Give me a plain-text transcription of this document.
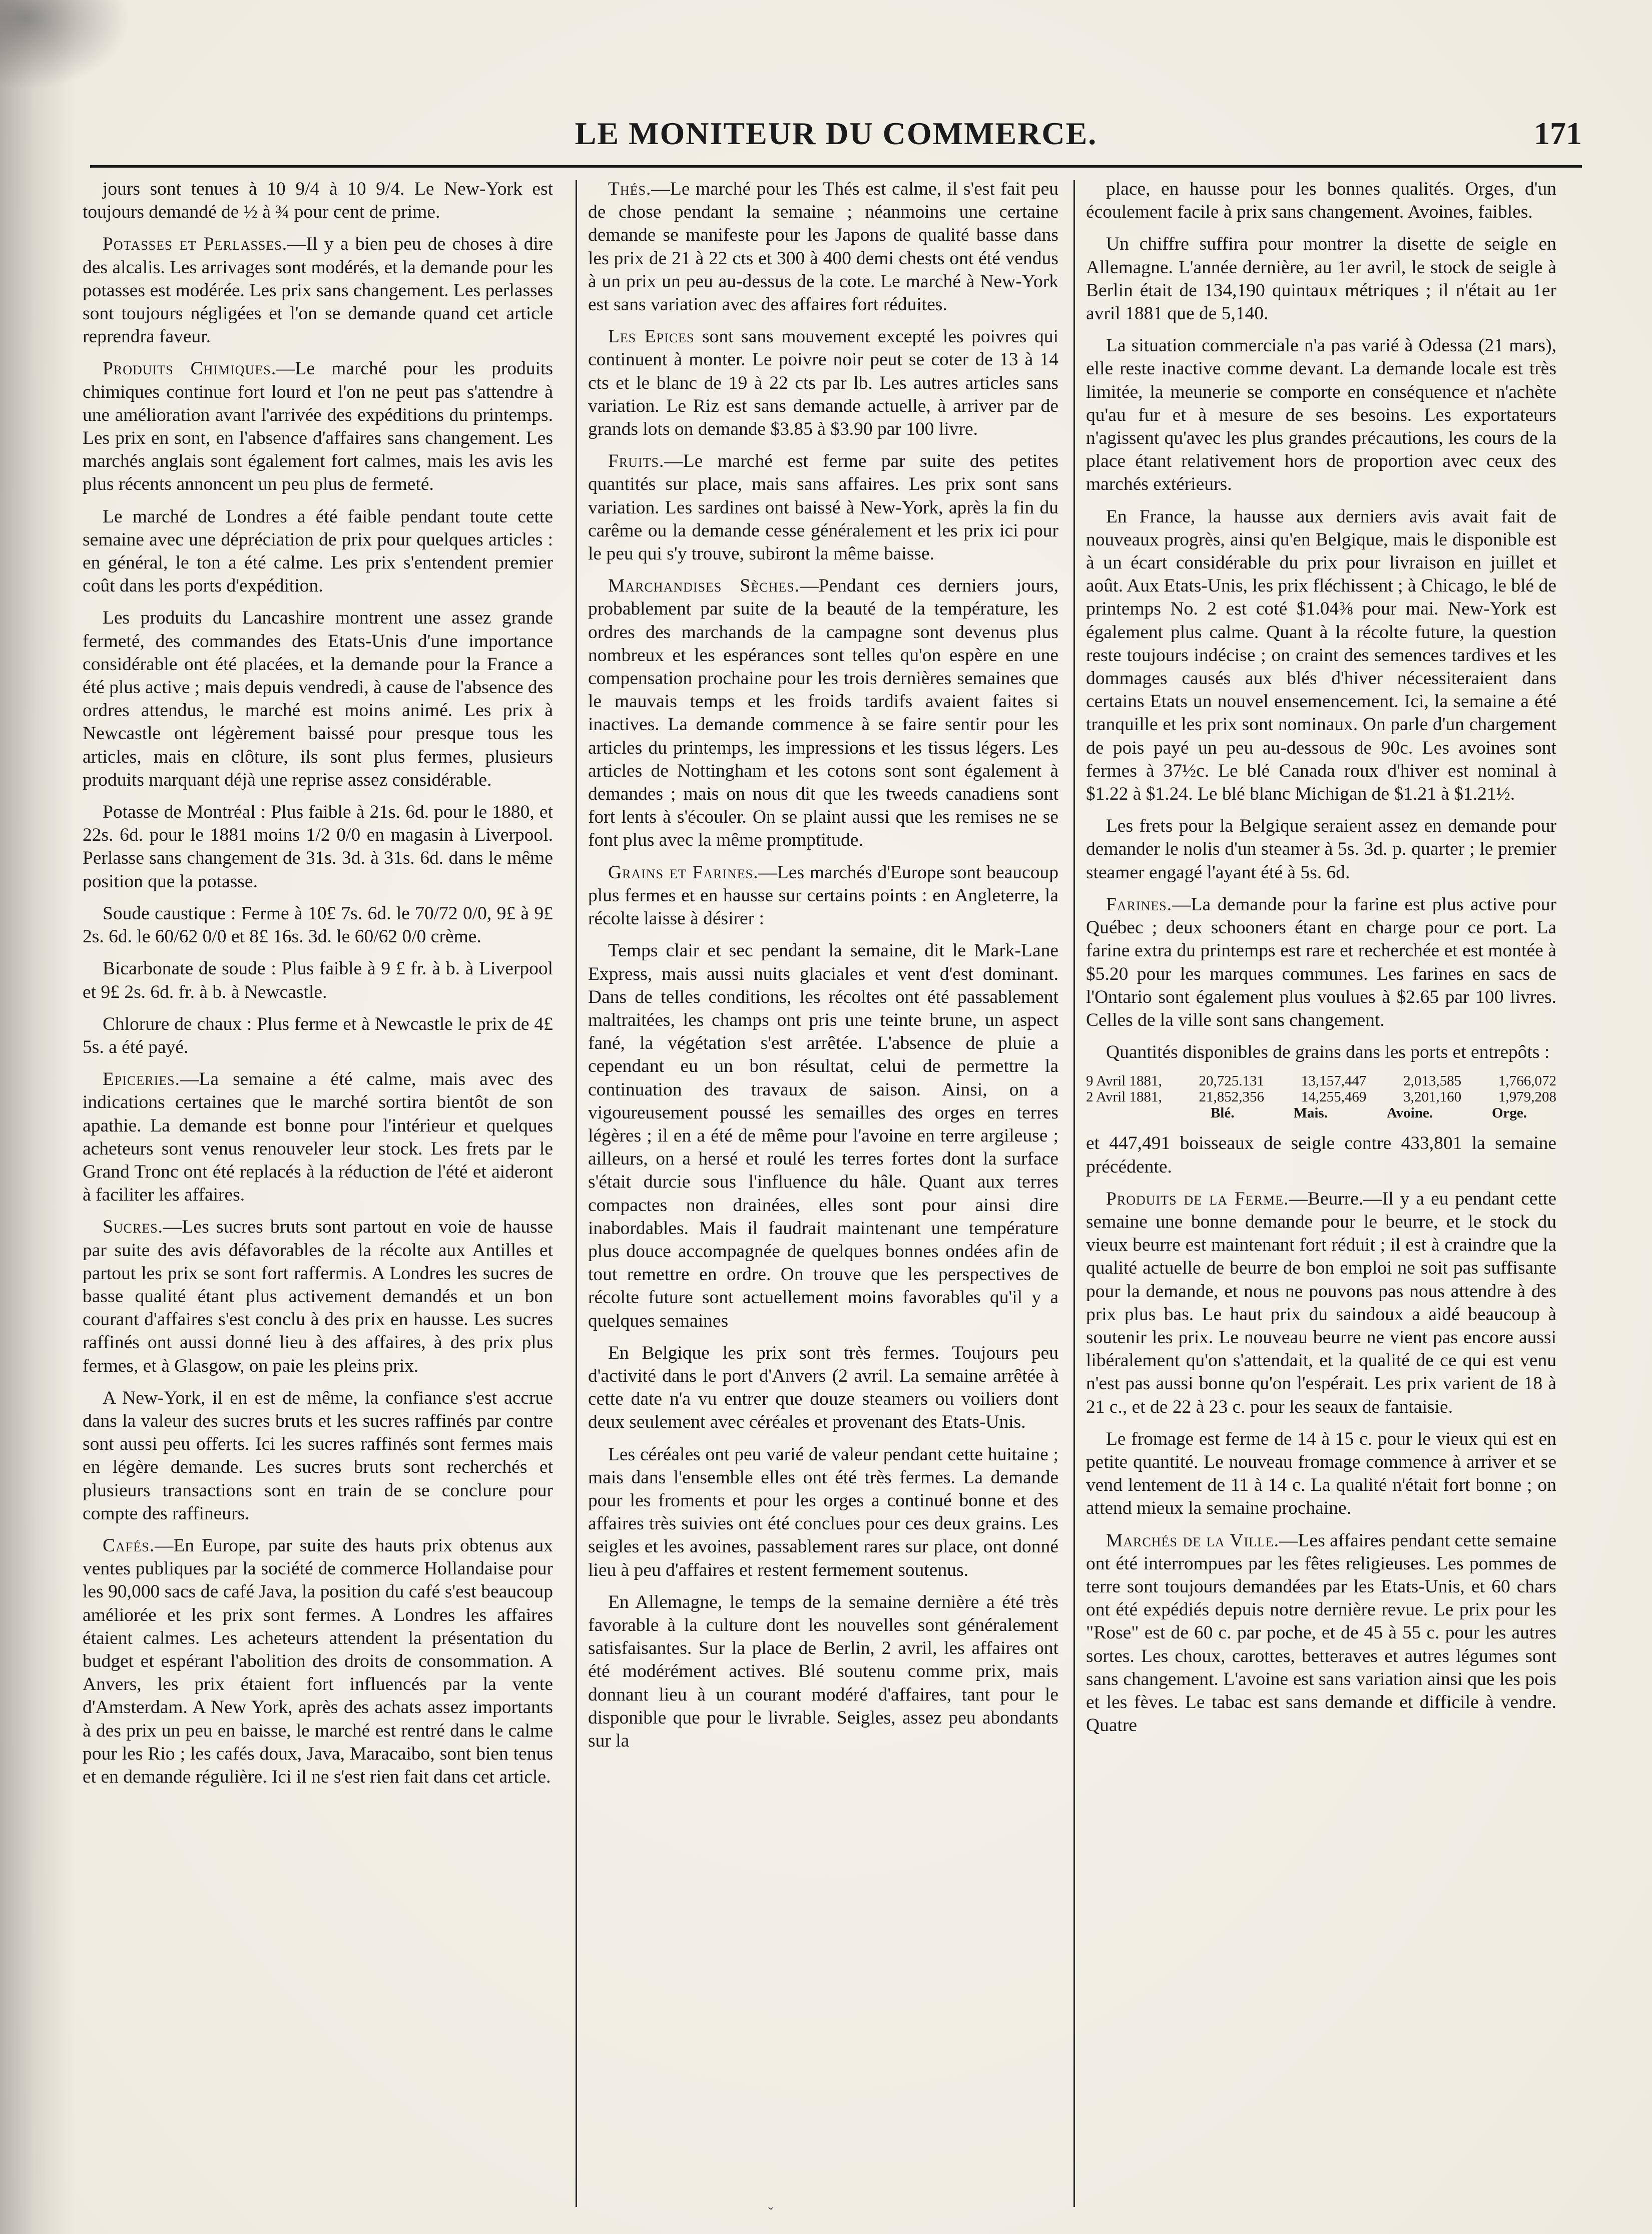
LE MONITEUR DU COMMERCE.	171

jours sont tenues à 10 9/4 à 10 9/4. Le New-York est toujours demandé de ½ à ¾ pour cent de prime.

Potasses et Perlasses.—Il y a bien peu de choses à dire des alcalis. Les arrivages sont modérés, et la demande pour les potasses est modérée. Les prix sans changement. Les perlasses sont toujours négligées et l'on se demande quand cet article reprendra faveur.

Produits Chimiques.—Le marché pour les produits chimiques continue fort lourd et l'on ne peut pas s'attendre à une amélioration avant l'arrivée des expéditions du printemps. Les prix en sont, en l'absence d'affaires sans changement. Les marchés anglais sont également fort calmes, mais les avis les plus récents annoncent un peu plus de fermeté.

Le marché de Londres a été faible pendant toute cette semaine avec une dépréciation de prix pour quelques articles : en général, le ton a été calme. Les prix s'entendent premier coût dans les ports d'expédition.

Les produits du Lancashire montrent une assez grande fermeté, des commandes des Etats-Unis d'une importance considérable ont été placées, et la demande pour la France a été plus active ; mais depuis vendredi, à cause de l'absence des ordres attendus, le marché est moins animé. Les prix à Newcastle ont légèrement baissé pour presque tous les articles, mais en clôture, ils sont plus fermes, plusieurs produits marquant déjà une reprise assez considérable.

Potasse de Montréal : Plus faible à 21s. 6d. pour le 1880, et 22s. 6d. pour le 1881 moins 1/2 0/0 en magasin à Liverpool. Perlasse sans changement de 31s. 3d. à 31s. 6d. dans le même position que la potasse.

Soude caustique : Ferme à 10£ 7s. 6d. le 70/72 0/0, 9£ à 9£ 2s. 6d. le 60/62 0/0 et 8£ 16s. 3d. le 60/62 0/0 crème.

Bicarbonate de soude : Plus faible à 9 £ fr. à b. à Liverpool et 9£ 2s. 6d. fr. à b. à Newcastle.

Chlorure de chaux : Plus ferme et à Newcastle le prix de 4£ 5s. a été payé.

Epiceries.—La semaine a été calme, mais avec des indications certaines que le marché sortira bientôt de son apathie. La demande est bonne pour l'intérieur et quelques acheteurs sont venus renouveler leur stock. Les frets par le Grand Tronc ont été replacés à la réduction de l'été et aideront à faciliter les affaires.

Sucres.—Les sucres bruts sont partout en voie de hausse par suite des avis défavorables de la récolte aux Antilles et partout les prix se sont fort raffermis. A Londres les sucres de basse qualité étant plus activement demandés et un bon courant d'affaires s'est conclu à des prix en hausse. Les sucres raffinés ont aussi donné lieu à des affaires, à des prix plus fermes, et à Glasgow, on paie les pleins prix.

A New-York, il en est de même, la confiance s'est accrue dans la valeur des sucres bruts et les sucres raffinés par contre sont aussi peu offerts. Ici les sucres raffinés sont fermes mais en légère demande. Les sucres bruts sont recherchés et plusieurs transactions sont en train de se conclure pour compte des raffineurs.

Cafés.—En Europe, par suite des hauts prix obtenus aux ventes publiques par la société de commerce Hollandaise pour les 90,000 sacs de café Java, la position du café s'est beaucoup améliorée et les prix sont fermes. A Londres les affaires étaient calmes. Les acheteurs attendent la présentation du budget et espérant l'abolition des droits de consommation. A Anvers, les prix étaient fort influencés par la vente d'Amsterdam. A New York, après des achats assez importants à des prix un peu en baisse, le marché est rentré dans le calme pour les Rio ; les cafés doux, Java, Maracaibo, sont bien tenus et en demande régulière. Ici il ne s'est rien fait dans cet article.

Thés.—Le marché pour les Thés est calme, il s'est fait peu de chose pendant la semaine ; néanmoins une certaine demande se manifeste pour les Japons de qualité basse dans les prix de 21 à 22 cts et 300 à 400 demi chests ont été vendus à un prix un peu au-dessus de la cote. Le marché à New-York est sans variation avec des affaires fort réduites.

Les Epices sont sans mouvement excepté les poivres qui continuent à monter. Le poivre noir peut se coter de 13 à 14 cts et le blanc de 19 à 22 cts par lb. Les autres articles sans variation. Le Riz est sans demande actuelle, à arriver par de grands lots on demande $3.85 à $3.90 par 100 livre.

Fruits.—Le marché est ferme par suite des petites quantités sur place, mais sans affaires. Les prix sont sans variation. Les sardines ont baissé à New-York, après la fin du carême ou la demande cesse généralement et les prix ici pour le peu qui s'y trouve, subiront la même baisse.

Marchandises Sèches.—Pendant ces derniers jours, probablement par suite de la beauté de la température, les ordres des marchands de la campagne sont devenus plus nombreux et les espérances sont telles qu'on espère en une compensation prochaine pour les trois dernières semaines que le mauvais temps et les froids tardifs avaient faites si inactives. La demande commence à se faire sentir pour les articles du printemps, les impressions et les tissus légers. Les articles de Nottingham et les cotons sont sont également à demandes ; mais on nous dit que les tweeds canadiens sont fort lents à s'écouler. On se plaint aussi que les remises ne se font plus avec la même promptitude.

Grains et Farines.—Les marchés d'Europe sont beaucoup plus fermes et en hausse sur certains points : en Angleterre, la récolte laisse à désirer :

Temps clair et sec pendant la semaine, dit le Mark-Lane Express, mais aussi nuits glaciales et vent d'est dominant. Dans de telles conditions, les récoltes ont été passablement maltraitées, les champs ont pris une teinte brune, un aspect fané, la végétation s'est arrêtée. L'absence de pluie a cependant eu un bon résultat, celui de permettre la continuation des travaux de saison. Ainsi, on a vigoureusement poussé les semailles des orges en terres légères ; il en a été de même pour l'avoine en terre argileuse ; ailleurs, on a hersé et roulé les terres fortes dont la surface s'était durcie sous l'influence du hâle. Quant aux terres compactes non drainées, elles sont pour ainsi dire inabordables. Mais il faudrait maintenant une température plus douce accompagnée de quelques bonnes ondées afin de tout remettre en ordre. On trouve que les perspectives de récolte future sont actuellement moins favorables qu'il y a quelques semaines

En Belgique les prix sont très fermes. Toujours peu d'activité dans le port d'Anvers (2 avril. La semaine arrêtée à cette date n'a vu entrer que douze steamers ou voiliers dont deux seulement avec céréales et provenant des Etats-Unis.

Les céréales ont peu varié de valeur pendant cette huitaine ; mais dans l'ensemble elles ont été très fermes. La demande pour les froments et pour les orges a continué bonne et des affaires très suivies ont été conclues pour ces deux grains. Les seigles et les avoines, passablement rares sur place, ont donné lieu à peu d'affaires et restent fermement soutenus.

En Allemagne, le temps de la semaine dernière a été très favorable à la culture dont les nouvelles sont généralement satisfaisantes. Sur la place de Berlin, 2 avril, les affaires ont été modérément actives. Blé soutenu comme prix, mais donnant lieu à un courant modéré d'affaires, tant pour le disponible que pour le livrable. Seigles, assez peu abondants sur la

place, en hausse pour les bonnes qualités. Orges, d'un écoulement facile à prix sans changement. Avoines, faibles.

Un chiffre suffira pour montrer la disette de seigle en Allemagne. L'année dernière, au 1er avril, le stock de seigle à Berlin était de 134,190 quintaux métriques ; il n'était au 1er avril 1881 que de 5,140.

La situation commerciale n'a pas varié à Odessa (21 mars), elle reste inactive comme devant. La demande locale est très limitée, la meunerie se comporte en conséquence et n'achète qu'au fur et à mesure de ses besoins. Les exportateurs n'agissent qu'avec les plus grandes précautions, les cours de la place étant relativement hors de proportion avec ceux des marchés extérieurs.

En France, la hausse aux derniers avis avait fait de nouveaux progrès, ainsi qu'en Belgique, mais le disponible est à un écart considérable du prix pour livraison en juillet et août. Aux Etats-Unis, les prix fléchissent ; à Chicago, le blé de printemps No. 2 est coté $1.04⅜ pour mai. New-York est également plus calme. Quant à la récolte future, la question reste toujours indécise ; on craint des semences tardives et les dommages causés aux blés d'hiver nécessiteraient dans certains Etats un nouvel ensemencement. Ici, la semaine a été tranquille et les prix sont nominaux. On parle d'un chargement de pois payé un peu au-dessous de 90c. Les avoines sont fermes à 37½c. Le blé Canada roux d'hiver est nominal à $1.22 à $1.24. Le blé blanc Michigan de $1.21 à $1.21½.

Les frets pour la Belgique seraient assez en demande pour demander le nolis d'un steamer à 5s. 3d. p. quarter ; le premier steamer engagé l'ayant été à 5s. 6d.

Farines.—La demande pour la farine est plus active pour Québec ; deux schooners étant en charge pour ce port. La farine extra du printemps est rare et recherchée et est montée à $5.20 pour les marques communes. Les farines en sacs de l'Ontario sont également plus voulues à $2.65 par 100 livres. Celles de la ville sont sans changement.

Quantités disponibles de grains dans les ports et entrepôts :

9 Avril 1881,	20,725.131	13,157,447	2,013,585	1,766,072
2 Avril 1881,	21,852,356	14,255,469	3,201,160	1,979,208
Blé.	Mais.	Avoine.	Orge.

et 447,491 boisseaux de seigle contre 433,801 la semaine précédente.

Produits de la Ferme.—Beurre.—Il y a eu pendant cette semaine une bonne demande pour le beurre, et le stock du vieux beurre est maintenant fort réduit ; il est à craindre que la qualité actuelle de beurre de bon emploi ne soit pas suffisante pour la demande, et nous ne pouvons pas nous attendre à des prix plus bas. Le haut prix du saindoux a aidé beaucoup à soutenir les prix. Le nouveau beurre ne vient pas encore aussi libéralement qu'on s'attendait, et la qualité de ce qui est venu n'est pas aussi bonne qu'on l'espérait. Les prix varient de 18 à 21 c., et de 22 à 23 c. pour les seaux de fantaisie.

Le fromage est ferme de 14 à 15 c. pour le vieux qui est en petite quantité. Le nouveau fromage commence à arriver et se vend lentement de 11 à 14 c. La qualité n'était fort bonne ; on attend mieux la semaine prochaine.

Marchés de la Ville.—Les affaires pendant cette semaine ont été interrompues par les fêtes religieuses. Les pommes de terre sont toujours demandées par les Etats-Unis, et 60 chars ont été expédiés depuis notre dernière revue. Le prix pour les "Rose" est de 60 c. par poche, et de 45 à 55 c. pour les autres sortes. Les choux, carottes, betteraves et autres légumes sont sans changement. L'avoine est sans variation ainsi que les pois et les fèves. Le tabac est sans demande et difficile à vendre. Quatre

ˇ
